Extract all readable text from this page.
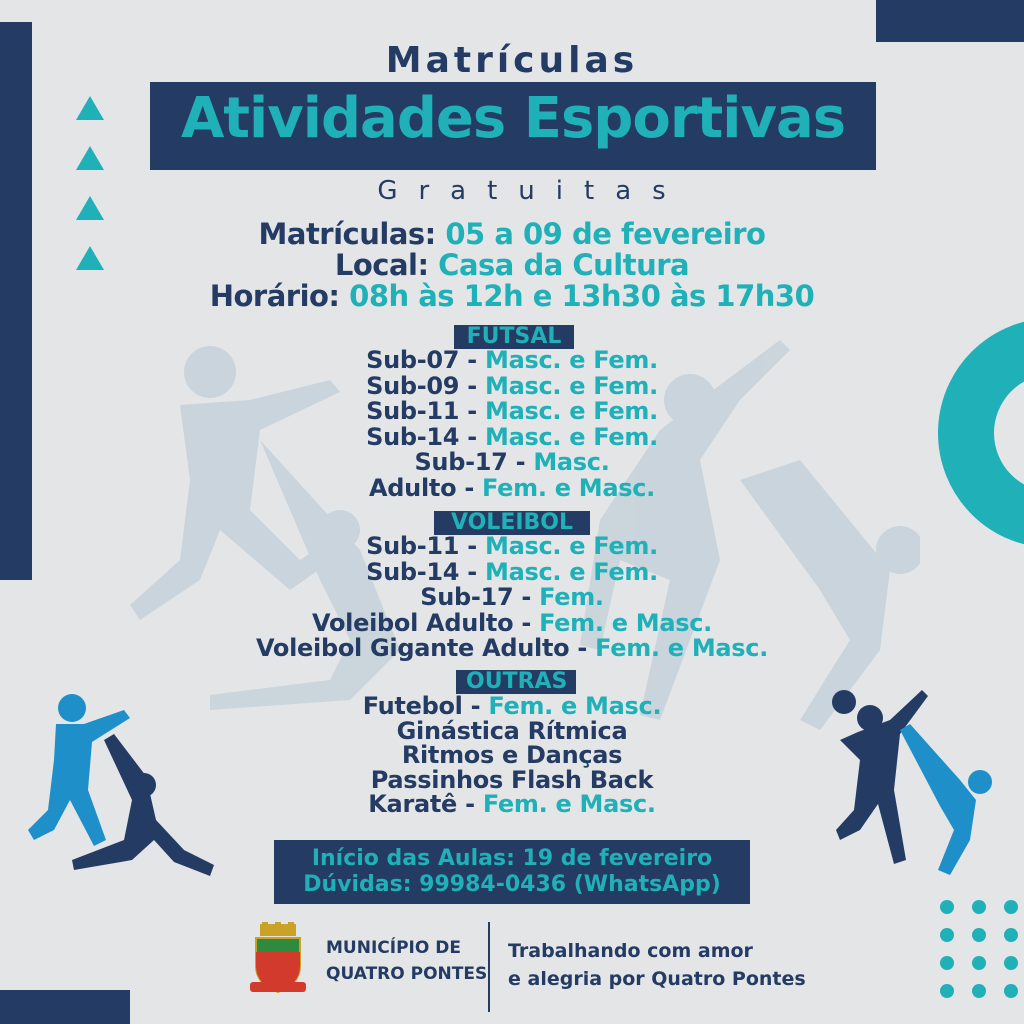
Matrículas
Atividades Esportivas
Gratuitas
Matrículas: 05 a 09 de fevereiro
Local: Casa da Cultura
Horário: 08h às 12h e 13h30 às 17h30
FUTSAL
Sub-07 - Masc. e Fem.
Sub-09 - Masc. e Fem.
Sub-11 - Masc. e Fem.
Sub-14 - Masc. e Fem.
Sub-17 - Masc.
Adulto - Fem. e Masc.
VOLEIBOL
Sub-11 - Masc. e Fem.
Sub-14 - Masc. e Fem.
Sub-17 - Fem.
Voleibol Adulto - Fem. e Masc.
Voleibol Gigante Adulto - Fem. e Masc.
OUTRAS
Futebol - Fem. e Masc.
Ginástica Rítmica
Ritmos e Danças
Passinhos Flash Back
Karatê - Fem. e Masc.
Início das Aulas: 19 de fevereiro
Dúvidas: 99984-0436 (WhatsApp)
MUNICÍPIO DE
QUATRO PONTES
Trabalhando com amor
e alegria por Quatro Pontes
